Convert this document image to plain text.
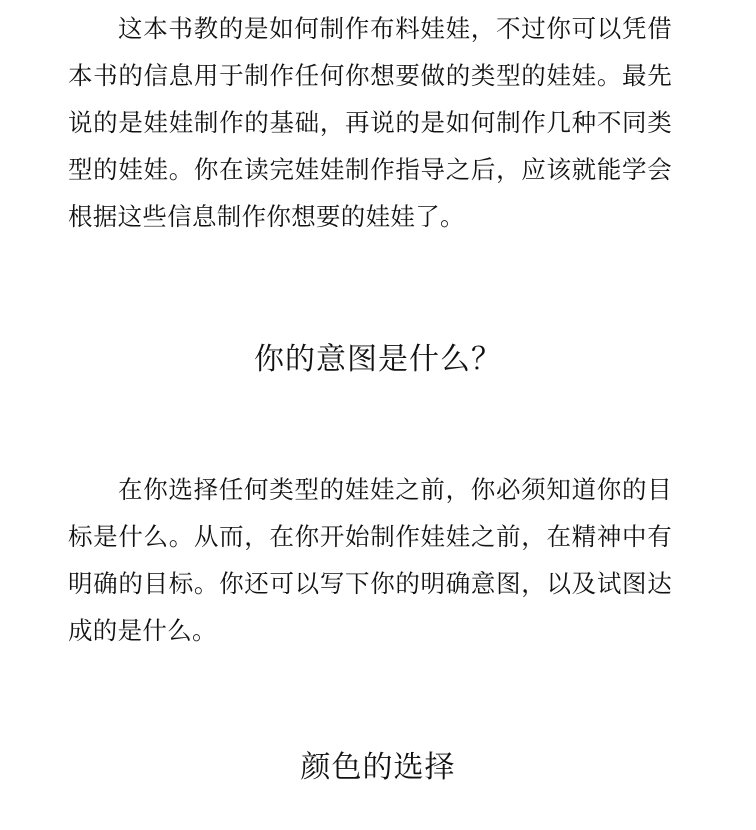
这本书教的是如何制作布料娃娃，不过你可以凭借本书的信息用于制作任何你想要做的类型的娃娃。最先说的是娃娃制作的基础，再说的是如何制作几种不同类型的娃娃。你在读完娃娃制作指导之后，应该就能学会根据这些信息制作你想要的娃娃了。

你的意图是什么？

在你选择任何类型的娃娃之前，你必须知道你的目标是什么。从而，在你开始制作娃娃之前，在精神中有明确的目标。你还可以写下你的明确意图，以及试图达成的是什么。

颜色的选择
